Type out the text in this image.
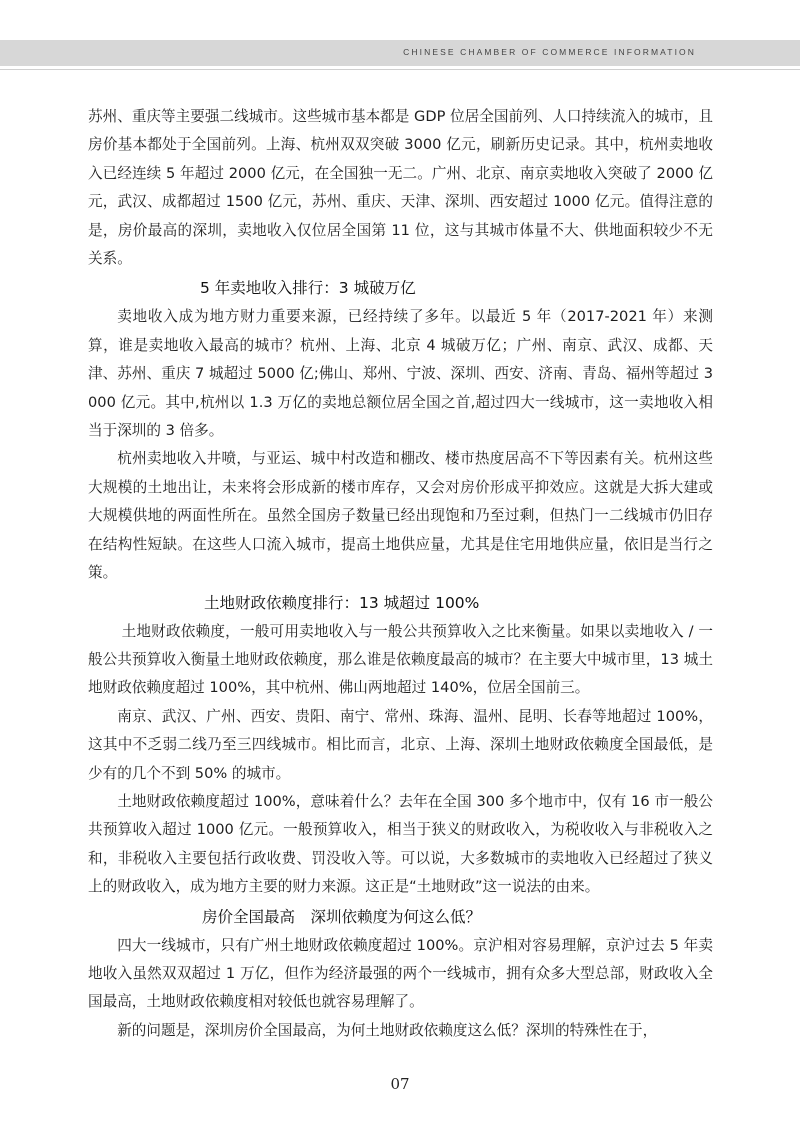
CHINESE CHAMBER OF COMMERCE INFORMATION

苏州、重庆等主要强二线城市。这些城市基本都是 GDP 位居全国前列、人口持续流入的城市，且房价基本都处于全国前列。上海、杭州双双突破 3000 亿元，刷新历史记录。其中，杭州卖地收入已经连续 5 年超过 2000 亿元，在全国独一无二。广州、北京、南京卖地收入突破了 2000 亿元，武汉、成都超过 1500 亿元，苏州、重庆、天津、深圳、西安超过 1000 亿元。值得注意的是，房价最高的深圳，卖地收入仅位居全国第 11 位，这与其城市体量不大、供地面积较少不无关系。

5 年卖地收入排行：3 城破万亿

卖地收入成为地方财力重要来源，已经持续了多年。以最近 5 年（2017-2021 年）来测算，谁是卖地收入最高的城市？杭州、上海、北京 4 城破万亿；广州、南京、武汉、成都、天津、苏州、重庆 7 城超过 5000 亿;佛山、郑州、宁波、深圳、西安、济南、青岛、福州等超过 3000 亿元。其中,杭州以 1.3 万亿的卖地总额位居全国之首,超过四大一线城市，这一卖地收入相当于深圳的 3 倍多。

杭州卖地收入井喷，与亚运、城中村改造和棚改、楼市热度居高不下等因素有关。杭州这些大规模的土地出让，未来将会形成新的楼市库存，又会对房价形成平抑效应。这就是大拆大建或大规模供地的两面性所在。虽然全国房子数量已经出现饱和乃至过剩，但热门一二线城市仍旧存在结构性短缺。在这些人口流入城市，提高土地供应量，尤其是住宅用地供应量，依旧是当行之策。

土地财政依赖度排行：13 城超过 100%

土地财政依赖度，一般可用卖地收入与一般公共预算收入之比来衡量。如果以卖地收入 / 一般公共预算收入衡量土地财政依赖度，那么谁是依赖度最高的城市？在主要大中城市里，13 城土地财政依赖度超过 100%，其中杭州、佛山两地超过 140%，位居全国前三。

南京、武汉、广州、西安、贵阳、南宁、常州、珠海、温州、昆明、长春等地超过 100%，这其中不乏弱二线乃至三四线城市。相比而言，北京、上海、深圳土地财政依赖度全国最低，是少有的几个不到 50% 的城市。

土地财政依赖度超过 100%，意味着什么？去年在全国 300 多个地市中，仅有 16 市一般公共预算收入超过 1000 亿元。一般预算收入，相当于狭义的财政收入，为税收收入与非税收入之和，非税收入主要包括行政收费、罚没收入等。可以说，大多数城市的卖地收入已经超过了狭义上的财政收入，成为地方主要的财力来源。这正是“土地财政”这一说法的由来。

房价全国最高　深圳依赖度为何这么低？

四大一线城市，只有广州土地财政依赖度超过 100%。京沪相对容易理解，京沪过去 5 年卖地收入虽然双双超过 1 万亿，但作为经济最强的两个一线城市，拥有众多大型总部，财政收入全国最高，土地财政依赖度相对较低也就容易理解了。

新的问题是，深圳房价全国最高，为何土地财政依赖度这么低？深圳的特殊性在于，

07
